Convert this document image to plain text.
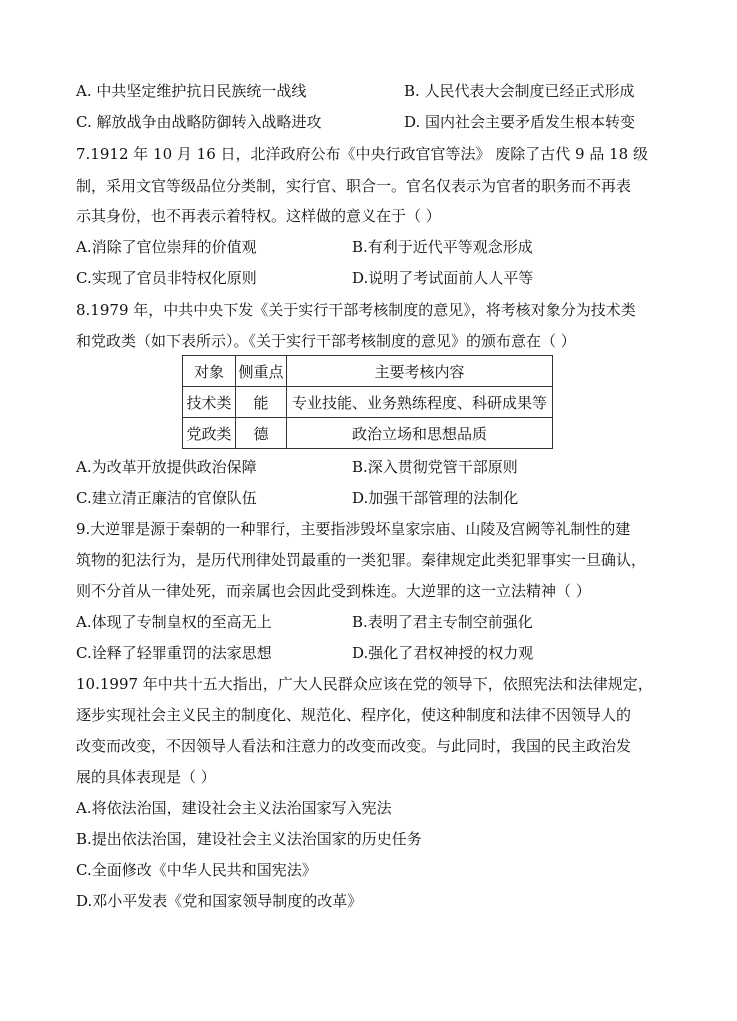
A. 中共坚定维护抗日民族统一战线	B. 人民代表大会制度已经正式形成
C. 解放战争由战略防御转入战略进攻	D. 国内社会主要矛盾发生根本转变
7.1912 年 10 月 16 日，北洋政府公布《中央行政官官等法》 废除了古代 9 品 18 级
制，采用文官等级品位分类制，实行官、职合一。官名仅表示为官者的职务而不再表
示其身份，也不再表示着特权。这样做的意义在于（ ）
A.消除了官位崇拜的价值观	B.有利于近代平等观念形成
C.实现了官员非特权化原则	D.说明了考试面前人人平等
8.1979 年，中共中央下发《关于实行干部考核制度的意见》，将考核对象分为技术类
和党政类（如下表所示）。《关于实行干部考核制度的意见》的颁布意在（ ）
对象	侧重点	主要考核内容
技术类	能	专业技能、业务熟练程度、科研成果等
党政类	德	政治立场和思想品质
A.为改革开放提供政治保障	B.深入贯彻党管干部原则
C.建立清正廉洁的官僚队伍	D.加强干部管理的法制化
9.大逆罪是源于秦朝的一种罪行，主要指涉毁坏皇家宗庙、山陵及宫阙等礼制性的建
筑物的犯法行为，是历代刑律处罚最重的一类犯罪。秦律规定此类犯罪事实一旦确认，
则不分首从一律处死，而亲属也会因此受到株连。大逆罪的这一立法精神（ ）
A.体现了专制皇权的至高无上	B.表明了君主专制空前强化
C.诠释了轻罪重罚的法家思想	D.强化了君权神授的权力观
10.1997 年中共十五大指出，广大人民群众应该在党的领导下，依照宪法和法律规定，
逐步实现社会主义民主的制度化、规范化、程序化，使这种制度和法律不因领导人的
改变而改变，不因领导人看法和注意力的改变而改变。与此同时，我国的民主政治发
展的具体表现是（ ）
A.将依法治国，建设社会主义法治国家写入宪法
B.提出依法治国，建设社会主义法治国家的历史任务
C.全面修改《中华人民共和国宪法》
D.邓小平发表《党和国家领导制度的改革》
